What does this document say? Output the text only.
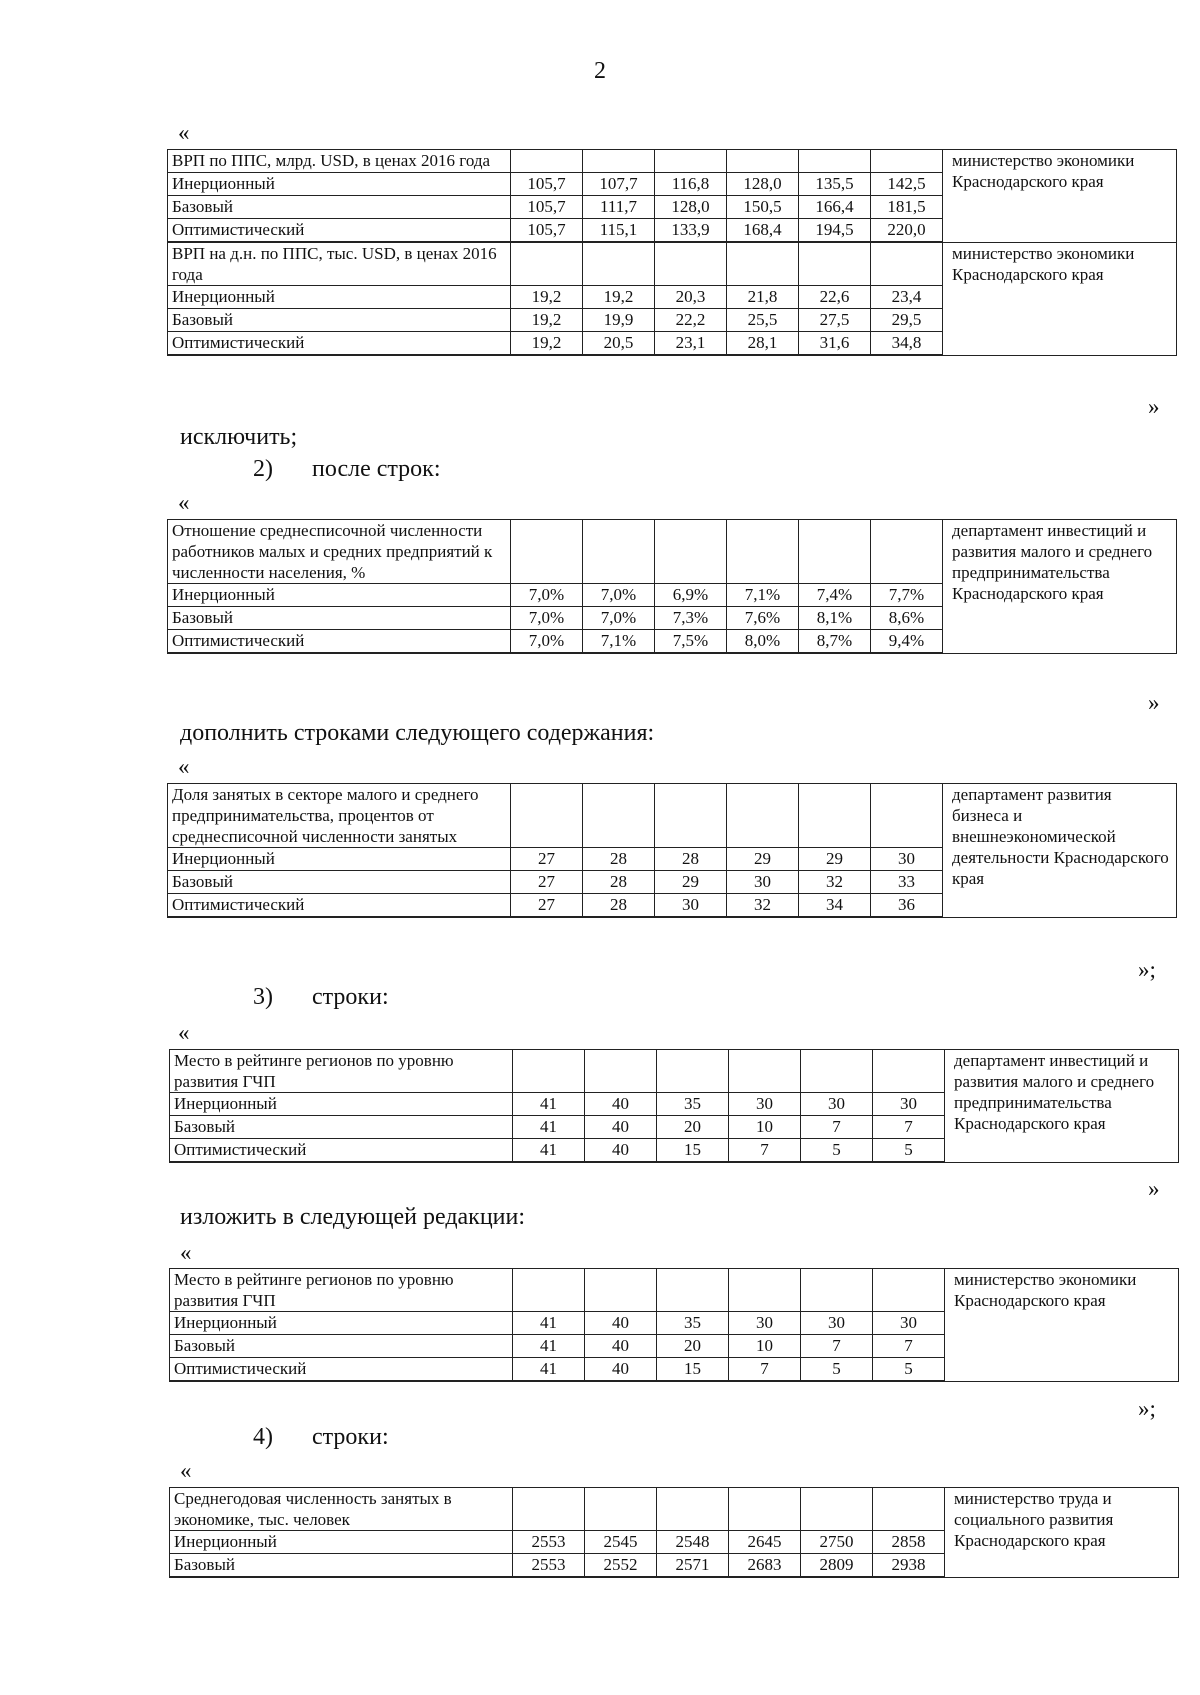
2
«
ВРП по ППС, млрд. USD, в ценах 2016 года							министерство экономики Краснодарского края
Инерционный	105,7	107,7	116,8	128,0	135,5	142,5	
Базовый	105,7	111,7	128,0	150,5	166,4	181,5	
Оптимистический	105,7	115,1	133,9	168,4	194,5	220,0	
ВРП на д.н. по ППС, тыс. USD, в ценах 2016 года							министерство экономики Краснодарского края
Инерционный	19,2	19,2	20,3	21,8	22,6	23,4	
Базовый	19,2	19,9	22,2	25,5	27,5	29,5	
Оптимистический	19,2	20,5	23,1	28,1	31,6	34,8	
»
исключить;
2) после строк:
«
Отношение среднесписочной численности работников малых и средних предприятий к численности населения, %							департамент инвестиций и развития малого и среднего предпринимательства Краснодарского края
Инерционный	7,0%	7,0%	6,9%	7,1%	7,4%	7,7%	
Базовый	7,0%	7,0%	7,3%	7,6%	8,1%	8,6%	
Оптимистический	7,0%	7,1%	7,5%	8,0%	8,7%	9,4%	
»
дополнить строками следующего содержания:
«
Доля занятых в секторе малого и среднего предпринимательства, процентов от среднесписочной численности занятых							департамент развития бизнеса и внешнеэкономической деятельности Краснодарского края
Инерционный	27	28	28	29	29	30	
Базовый	27	28	29	30	32	33	
Оптимистический	27	28	30	32	34	36	
»;
3) строки:
«
Место в рейтинге регионов по уровню развития ГЧП							департамент инвестиций и развития малого и среднего предпринимательства Краснодарского края
Инерционный	41	40	35	30	30	30	
Базовый	41	40	20	10	7	7	
Оптимистический	41	40	15	7	5	5	
»
изложить в следующей редакции:
«
Место в рейтинге регионов по уровню развития ГЧП							министерство экономики Краснодарского края
Инерционный	41	40	35	30	30	30	
Базовый	41	40	20	10	7	7	
Оптимистический	41	40	15	7	5	5	
»;
4) строки:
«
Среднегодовая численность занятых в экономике, тыс. человек							министерство труда и социального развития Краснодарского края
Инерционный	2553	2545	2548	2645	2750	2858	
Базовый	2553	2552	2571	2683	2809	2938	
